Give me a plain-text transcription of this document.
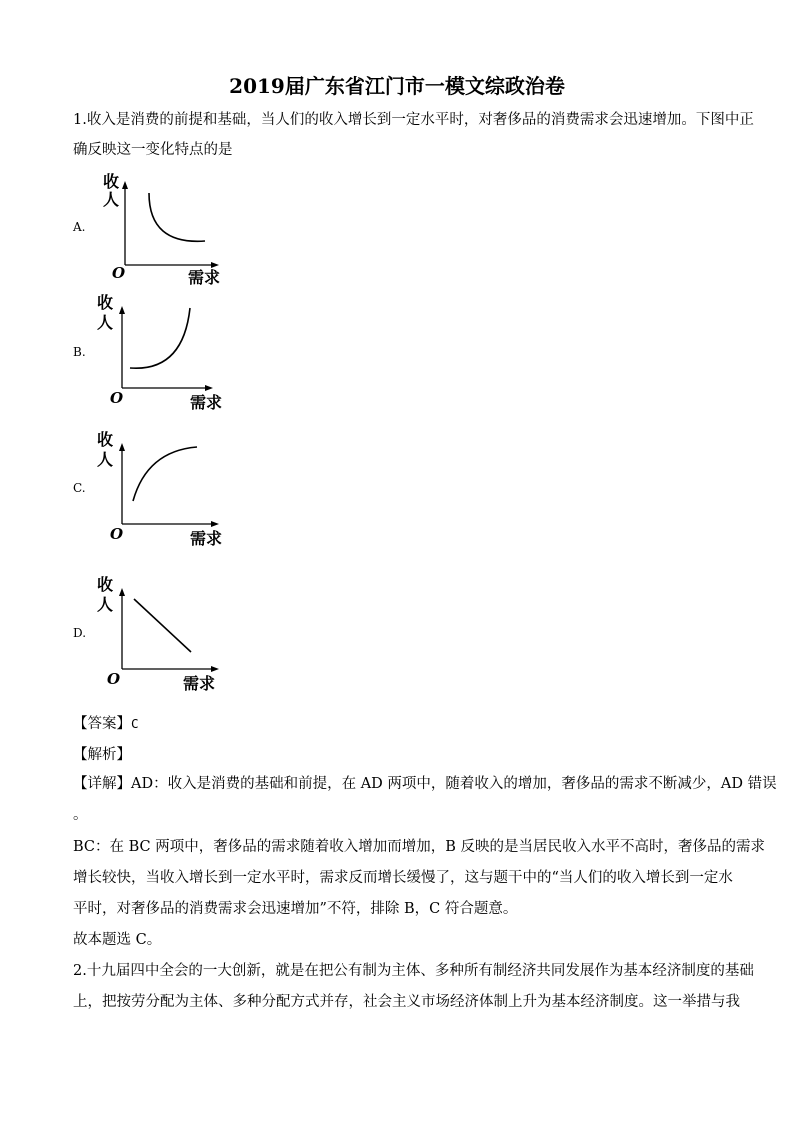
2019届广东省江门市一模文综政治卷
1.收入是消费的前提和基础，当人们的收入增长到一定水平时，对奢侈品的消费需求会迅速增加。下图中正
确反映这一变化特点的是
A.
收
人
O	需求
B.
收
人
O	需求
C.
收
人
O	需求
D.
收
人
O	需求
【答案】C
【解析】
【详解】AD：收入是消费的基础和前提，在 AD 两项中，随着收入的增加，奢侈品的需求不断减少，AD 错误
。
BC：在 BC 两项中，奢侈品的需求随着收入增加而增加，B 反映的是当居民收入水平不高时，奢侈品的需求
增长较快，当收入增长到一定水平时，需求反而增长缓慢了，这与题干中的“当人们的收入增长到一定水
平时，对奢侈品的消费需求会迅速增加”不符，排除 B，C 符合题意。
故本题选 C。
2.十九届四中全会的一大创新，就是在把公有制为主体、多种所有制经济共同发展作为基本经济制度的基础
上，把按劳分配为主体、多种分配方式并存，社会主义市场经济体制上升为基本经济制度。这一举措与我
